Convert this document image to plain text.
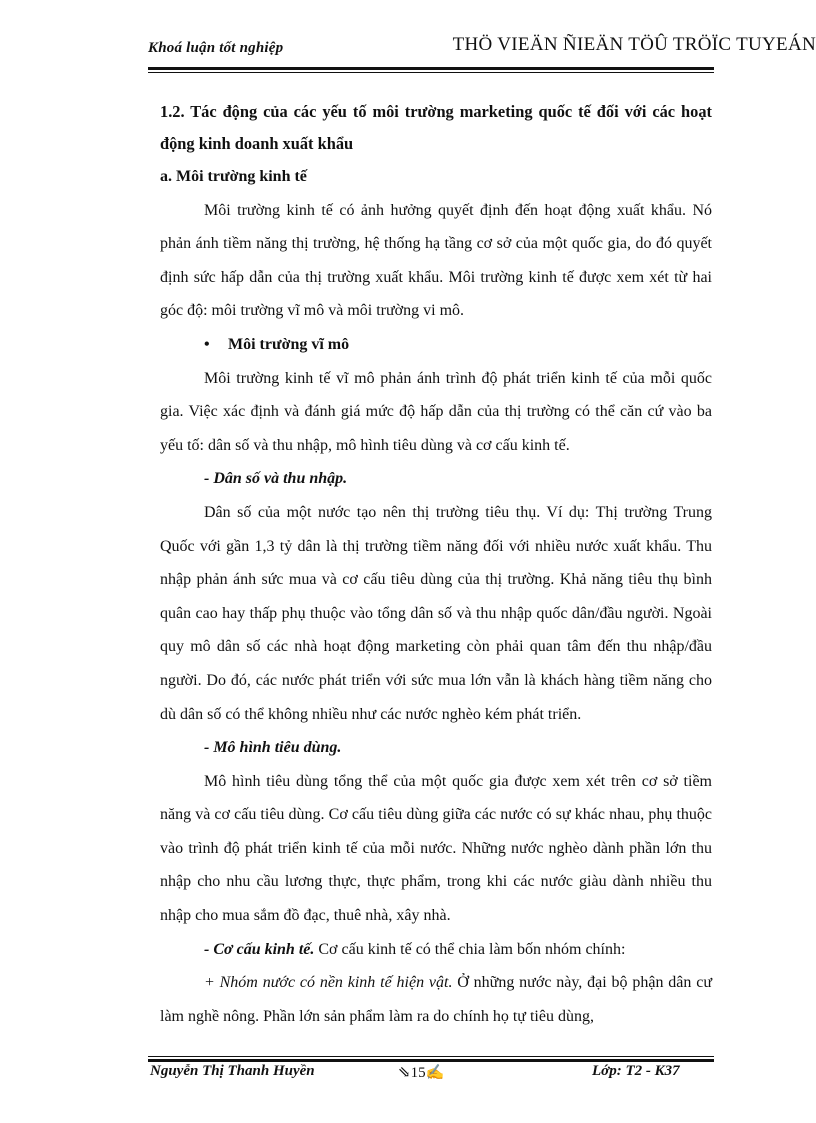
Khoá luận tốt nghiệp	THÖ VIEÄN ÑIEÄN TÖÛ TRÖÏC TUYEÁN

1.2. Tác động của các yếu tố môi trường marketing quốc tế đối với các hoạt động kinh doanh xuất khẩu

a. Môi trường kinh tế

Môi trường kinh tế có ảnh hưởng quyết định đến hoạt động xuất khẩu. Nó phản ánh tiềm năng thị trường, hệ thống hạ tầng cơ sở của một quốc gia, do đó quyết định sức hấp dẫn của thị trường xuất khẩu. Môi trường kinh tế được xem xét từ hai góc độ: môi trường vĩ mô và môi trường vi mô.

• Môi trường vĩ mô

Môi trường kinh tế vĩ mô phản ánh trình độ phát triển kinh tế của mỗi quốc gia. Việc xác định và đánh giá mức độ hấp dẫn của thị trường có thể căn cứ vào ba yếu tố: dân số và thu nhập, mô hình tiêu dùng và cơ cấu kinh tế.

- Dân số và thu nhập.

Dân số của một nước tạo nên thị trường tiêu thụ. Ví dụ: Thị trường Trung Quốc với gần 1,3 tỷ dân là thị trường tiềm năng đối với nhiều nước xuất khẩu. Thu nhập phản ánh sức mua và cơ cấu tiêu dùng của thị trường. Khả năng tiêu thụ bình quân cao hay thấp phụ thuộc vào tổng dân số và thu nhập quốc dân/đầu người. Ngoài quy mô dân số các nhà hoạt động marketing còn phải quan tâm đến thu nhập/đầu người. Do đó, các nước phát triển với sức mua lớn vẫn là khách hàng tiềm năng cho dù dân số có thể không nhiều như các nước nghèo kém phát triển.

- Mô hình tiêu dùng.

Mô hình tiêu dùng tổng thể của một quốc gia được xem xét trên cơ sở tiềm năng và cơ cấu tiêu dùng. Cơ cấu tiêu dùng giữa các nước có sự khác nhau, phụ thuộc vào trình độ phát triển kinh tế của mỗi nước. Những nước nghèo dành phần lớn thu nhập cho nhu cầu lương thực, thực phẩm, trong khi các nước giàu dành nhiều thu nhập cho mua sắm đồ đạc, thuê nhà, xây nhà.

- Cơ cấu kinh tế. Cơ cấu kinh tế có thể chia làm bốn nhóm chính:

+ Nhóm nước có nền kinh tế hiện vật. Ở những nước này, đại bộ phận dân cư làm nghề nông. Phần lớn sản phẩm làm ra do chính họ tự tiêu dùng,

Nguyễn Thị Thanh Huyền	⇘15✍	Lớp: T2 - K37
